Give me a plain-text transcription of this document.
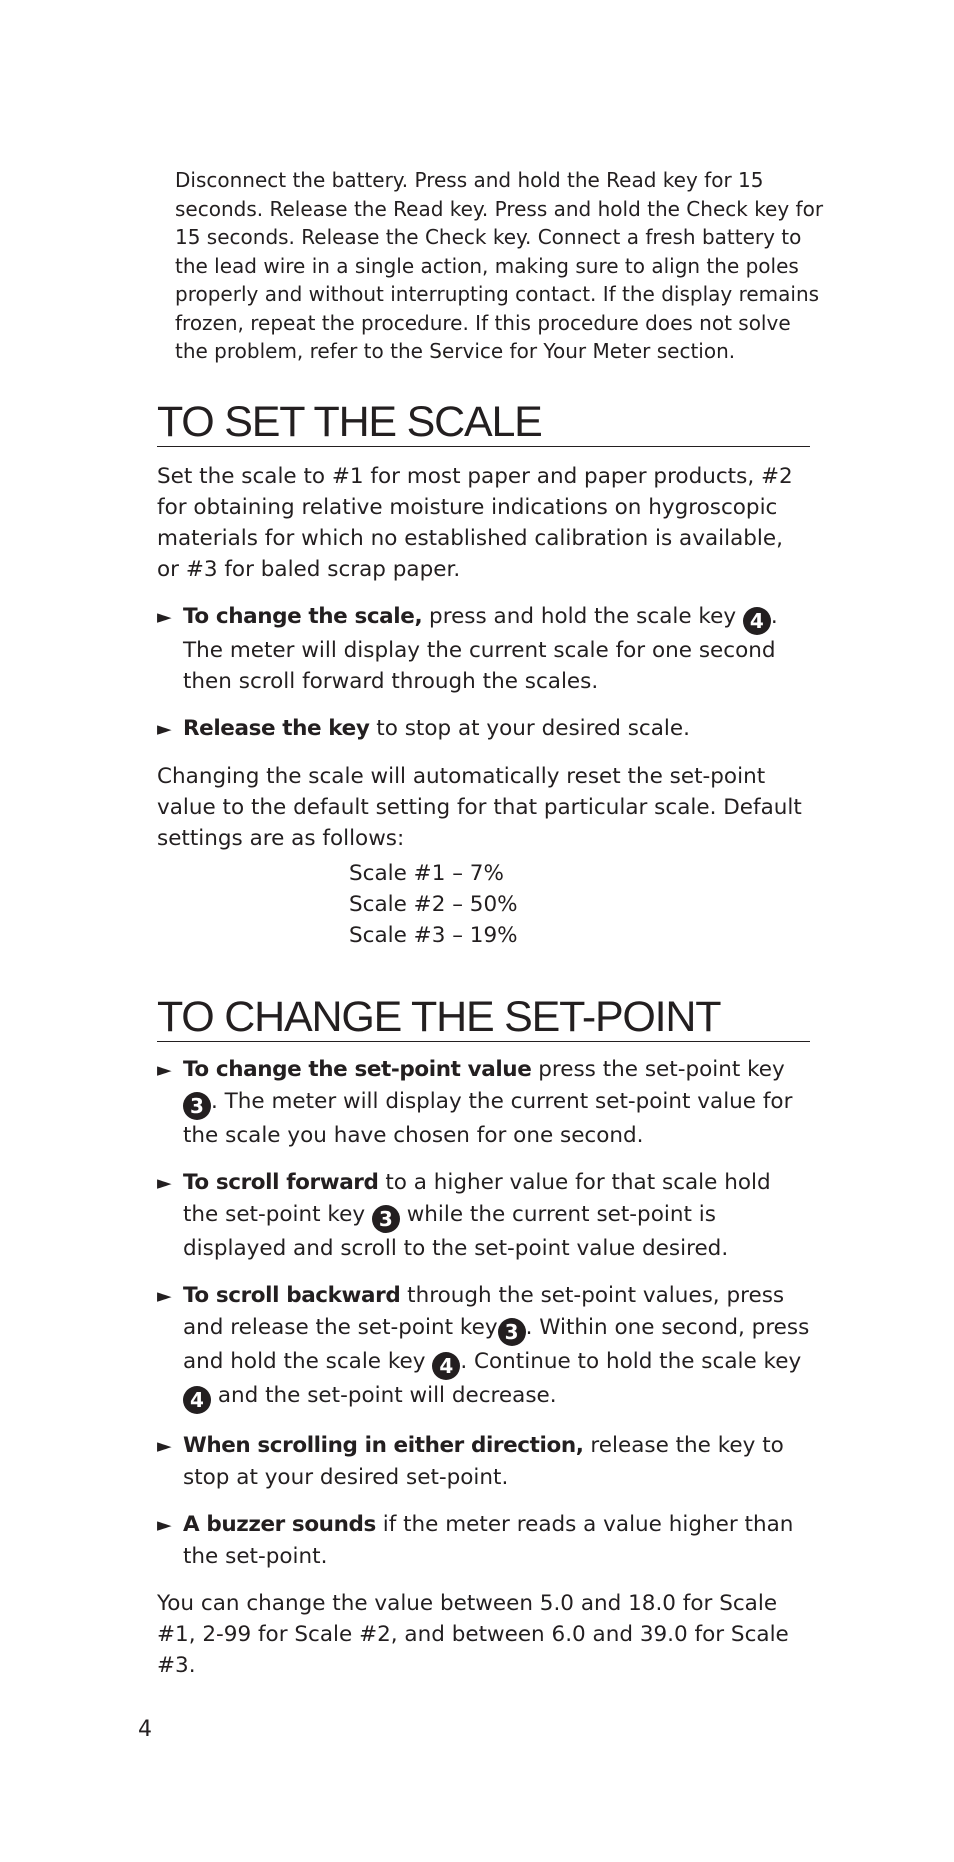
Disconnect the battery. Press and hold the Read key for 15 seconds. Release the Read key. Press and hold the Check key for 15 seconds. Release the Check key. Connect a fresh battery to the lead wire in a single action, making sure to align the poles properly and without interrupting contact. If the display remains frozen, repeat the procedure. If this procedure does not solve the problem, refer to the Service for Your Meter section.

TO SET THE SCALE

Set the scale to #1 for most paper and paper products, #2 for obtaining relative moisture indications on hygroscopic materials for which no established calibration is available, or #3 for baled scrap paper.

► To change the scale, press and hold the scale key 4 . The meter will display the current scale for one second then scroll forward through the scales.

► Release the key to stop at your desired scale.

Changing the scale will automatically reset the set-point value to the default setting for that particular scale. Default settings are as follows:

Scale #1 – 7%
Scale #2 – 50%
Scale #3 – 19%
TO CHANGE THE SET-POINT

► To change the set-point value press the set-point key 3 . The meter will display the current set-point value for the scale you have chosen for one second.

► To scroll forward to a higher value for that scale hold the set-point key 3 while the current set-point is displayed and scroll to the set-point value desired.

► To scroll backward through the set-point values, press and release the set-point key 3 . Within one second, press and hold the scale key 4 . Continue to hold the scale key 4 and the set-point will decrease.

► When scrolling in either direction, release the key to stop at your desired set-point.

► A buzzer sounds if the meter reads a value higher than the set-point.

You can change the value between 5.0 and 18.0 for Scale #1, 2-99 for Scale #2, and between 6.0 and 39.0 for Scale #3.

4
